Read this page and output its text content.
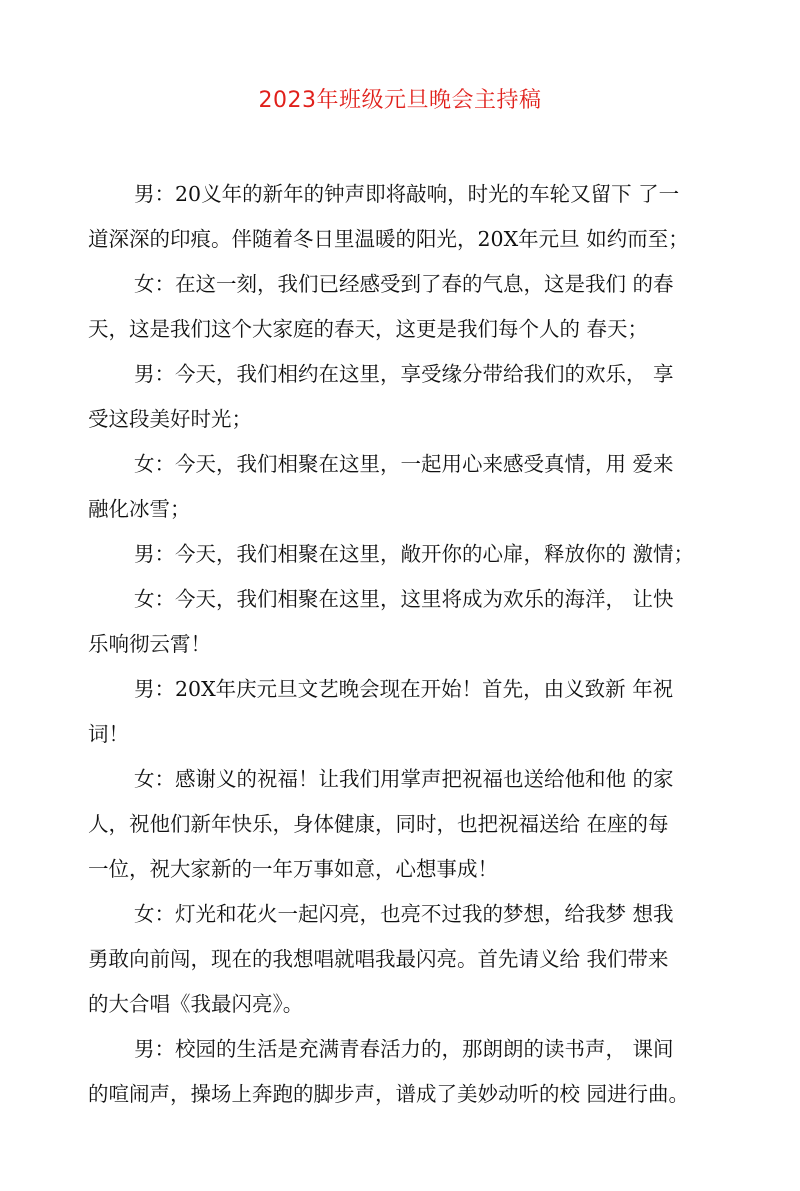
2023年班级元旦晚会主持稿
男：20义年的新年的钟声即将敲响，时光的车轮又留下 了一
道深深的印痕。伴随着冬日里温暖的阳光，20X年元旦 如约而至；
女：在这一刻，我们已经感受到了春的气息，这是我们 的春
天，这是我们这个大家庭的春天，这更是我们每个人的 春天；
男：今天，我们相约在这里，享受缘分带给我们的欢乐， 享
受这段美好时光；
女：今天，我们相聚在这里，一起用心来感受真情，用 爱来
融化冰雪；
男：今天，我们相聚在这里，敞开你的心扉，释放你的 激情；
女：今天，我们相聚在这里，这里将成为欢乐的海洋， 让快
乐响彻云霄！
男：20X年庆元旦文艺晚会现在开始！首先，由义致新 年祝
词！
女：感谢义的祝福！让我们用掌声把祝福也送给他和他 的家
人，祝他们新年快乐，身体健康，同时，也把祝福送给 在座的每
一位，祝大家新的一年万事如意，心想事成！
女：灯光和花火一起闪亮，也亮不过我的梦想，给我梦 想我
勇敢向前闯，现在的我想唱就唱我最闪亮。首先请义给 我们带来
的大合唱《我最闪亮》。
男：校园的生活是充满青春活力的，那朗朗的读书声， 课间
的喧闹声，操场上奔跑的脚步声，谱成了美妙动听的校 园进行曲。
